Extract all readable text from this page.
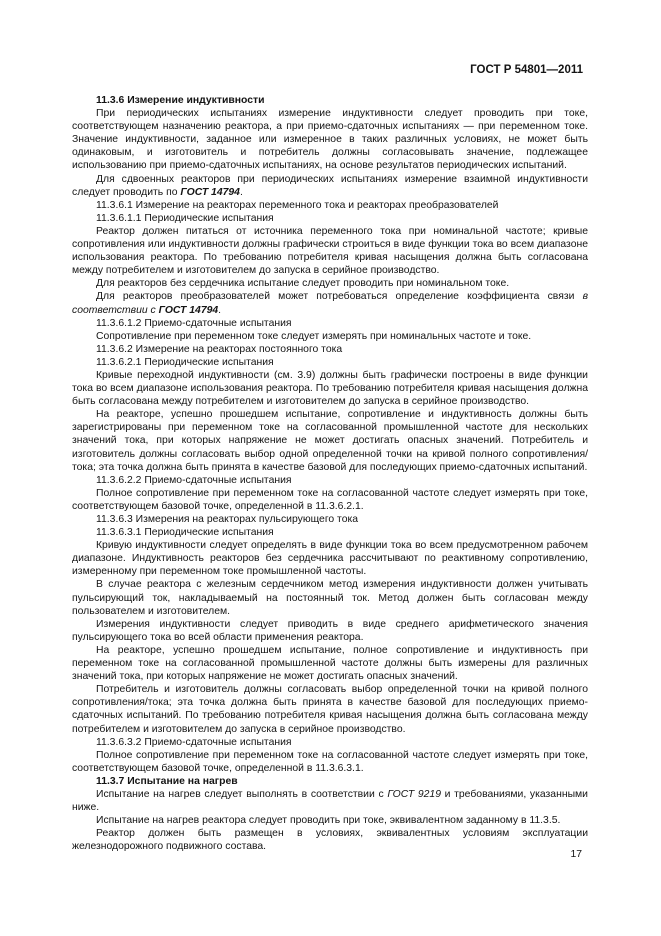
ГОСТ Р 54801—2011
11.3.6 Измерение индуктивности

При периодических испытаниях измерение индуктивности следует проводить при токе, соответствующем назначению реактора, а при приемо-сдаточных испытаниях — при переменном токе. Значение индуктивности, заданное или измеренное в таких различных условиях, не может быть одинаковым, и изготовитель и потребитель должны согласовывать значение, подлежащее использованию при приемо-сдаточных испытаниях, на основе результатов периодических испытаний.

Для сдвоенных реакторов при периодических испытаниях измерение взаимной индуктивности следует проводить по ГОСТ 14794.

11.3.6.1 Измерение на реакторах переменного тока и реакторах преобразователей
11.3.6.1.1 Периодические испытания

Реактор должен питаться от источника переменного тока при номинальной частоте; кривые сопротивления или индуктивности должны графически строиться в виде функции тока во всем диапазоне использования реактора. По требованию потребителя кривая насыщения должна быть согласована между потребителем и изготовителем до запуска в серийное производство.

Для реакторов без сердечника испытание следует проводить при номинальном токе.

Для реакторов преобразователей может потребоваться определение коэффициента связи в соответствии с ГОСТ 14794.

11.3.6.1.2 Приемо-сдаточные испытания

Сопротивление при переменном токе следует измерять при номинальных частоте и токе.

11.3.6.2 Измерение на реакторах постоянного тока
11.3.6.2.1 Периодические испытания

Кривые переходной индуктивности (см. 3.9) должны быть графически построены в виде функции тока во всем диапазоне использования реактора. По требованию потребителя кривая насыщения должна быть согласована между потребителем и изготовителем до запуска в серийное производство.

На реакторе, успешно прошедшем испытание, сопротивление и индуктивность должны быть зарегистрированы при переменном токе на согласованной промышленной частоте для нескольких значений тока, при которых напряжение не может достигать опасных значений. Потребитель и изготовитель должны согласовать выбор одной определенной точки на кривой полного сопротивления/тока; эта точка должна быть принята в качестве базовой для последующих приемо-сдаточных испытаний.

11.3.6.2.2 Приемо-сдаточные испытания

Полное сопротивление при переменном токе на согласованной частоте следует измерять при токе, соответствующем базовой точке, определенной в 11.3.6.2.1.

11.3.6.3 Измерения на реакторах пульсирующего тока
11.3.6.3.1 Периодические испытания

Кривую индуктивности следует определять в виде функции тока во всем предусмотренном рабочем диапазоне. Индуктивность реакторов без сердечника рассчитывают по реактивному сопротивлению, измеренному при переменном токе промышленной частоты.

В случае реактора с железным сердечником метод измерения индуктивности должен учитывать пульсирующий ток, накладываемый на постоянный ток. Метод должен быть согласован между пользователем и изготовителем.

Измерения индуктивности следует приводить в виде среднего арифметического значения пульсирующего тока во всей области применения реактора.

На реакторе, успешно прошедшем испытание, полное сопротивление и индуктивность при переменном токе на согласованной промышленной частоте должны быть измерены для различных значений тока, при которых напряжение не может достигать опасных значений.

Потребитель и изготовитель должны согласовать выбор определенной точки на кривой полного сопротивления/тока; эта точка должна быть принята в качестве базовой для последующих приемо-сдаточных испытаний. По требованию потребителя кривая насыщения должна быть согласована между потребителем и изготовителем до запуска в серийное производство.

11.3.6.3.2 Приемо-сдаточные испытания

Полное сопротивление при переменном токе на согласованной частоте следует измерять при токе, соответствующем базовой точке, определенной в 11.3.6.3.1.

11.3.7 Испытание на нагрев

Испытание на нагрев следует выполнять в соответствии с ГОСТ 9219 и требованиями, указанными ниже.

Испытание на нагрев реактора следует проводить при токе, эквивалентном заданному в 11.3.5.

Реактор должен быть размещен в условиях, эквивалентных условиям эксплуатации железнодорожного подвижного состава.

17
